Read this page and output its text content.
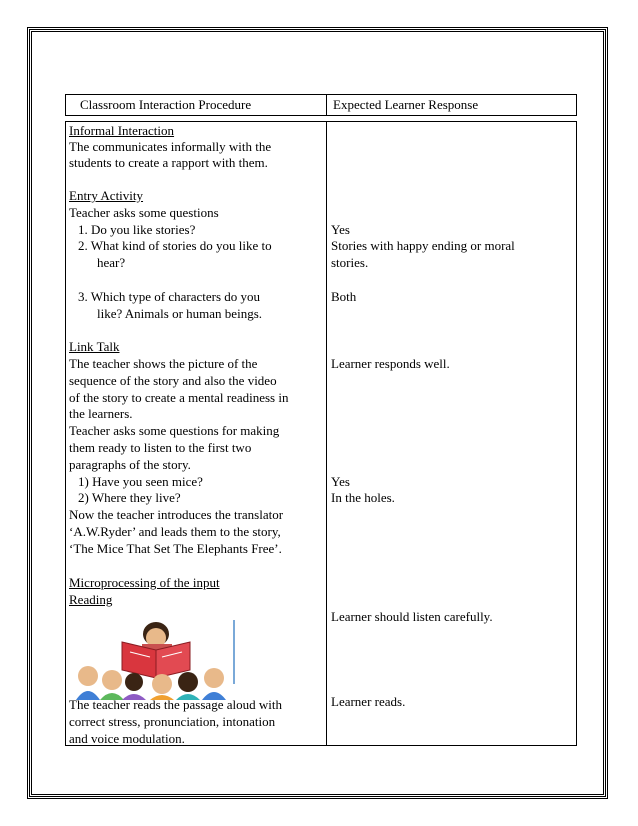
Classroom Interaction Procedure	Expected Learner Response
Informal Interaction
The communicates informally with the
students to create a rapport with them.
Entry Activity
Teacher asks some questions
1. Do you like stories?
2. What kind of stories do you like to
hear?
3. Which type of characters do you
like? Animals or human beings.
Link Talk
The teacher shows the picture of the
sequence of the story and also the video
of the story to create a mental readiness in
the learners.
Teacher asks some questions for making
them ready to listen to the first two
paragraphs of the story.
1) Have you seen mice?
2) Where they live?
Now the teacher introduces the translator
‘A.W.Ryder’ and leads them to the story,
‘The Mice That Set The Elephants Free’.
Microprocessing of the input
Reading
The teacher reads the passage aloud with
correct stress, pronunciation, intonation
and voice modulation.
Yes
Stories with happy ending or moral
stories.
Both
Learner responds well.
Yes
In the holes.
Learner should listen carefully.
Learner reads.
